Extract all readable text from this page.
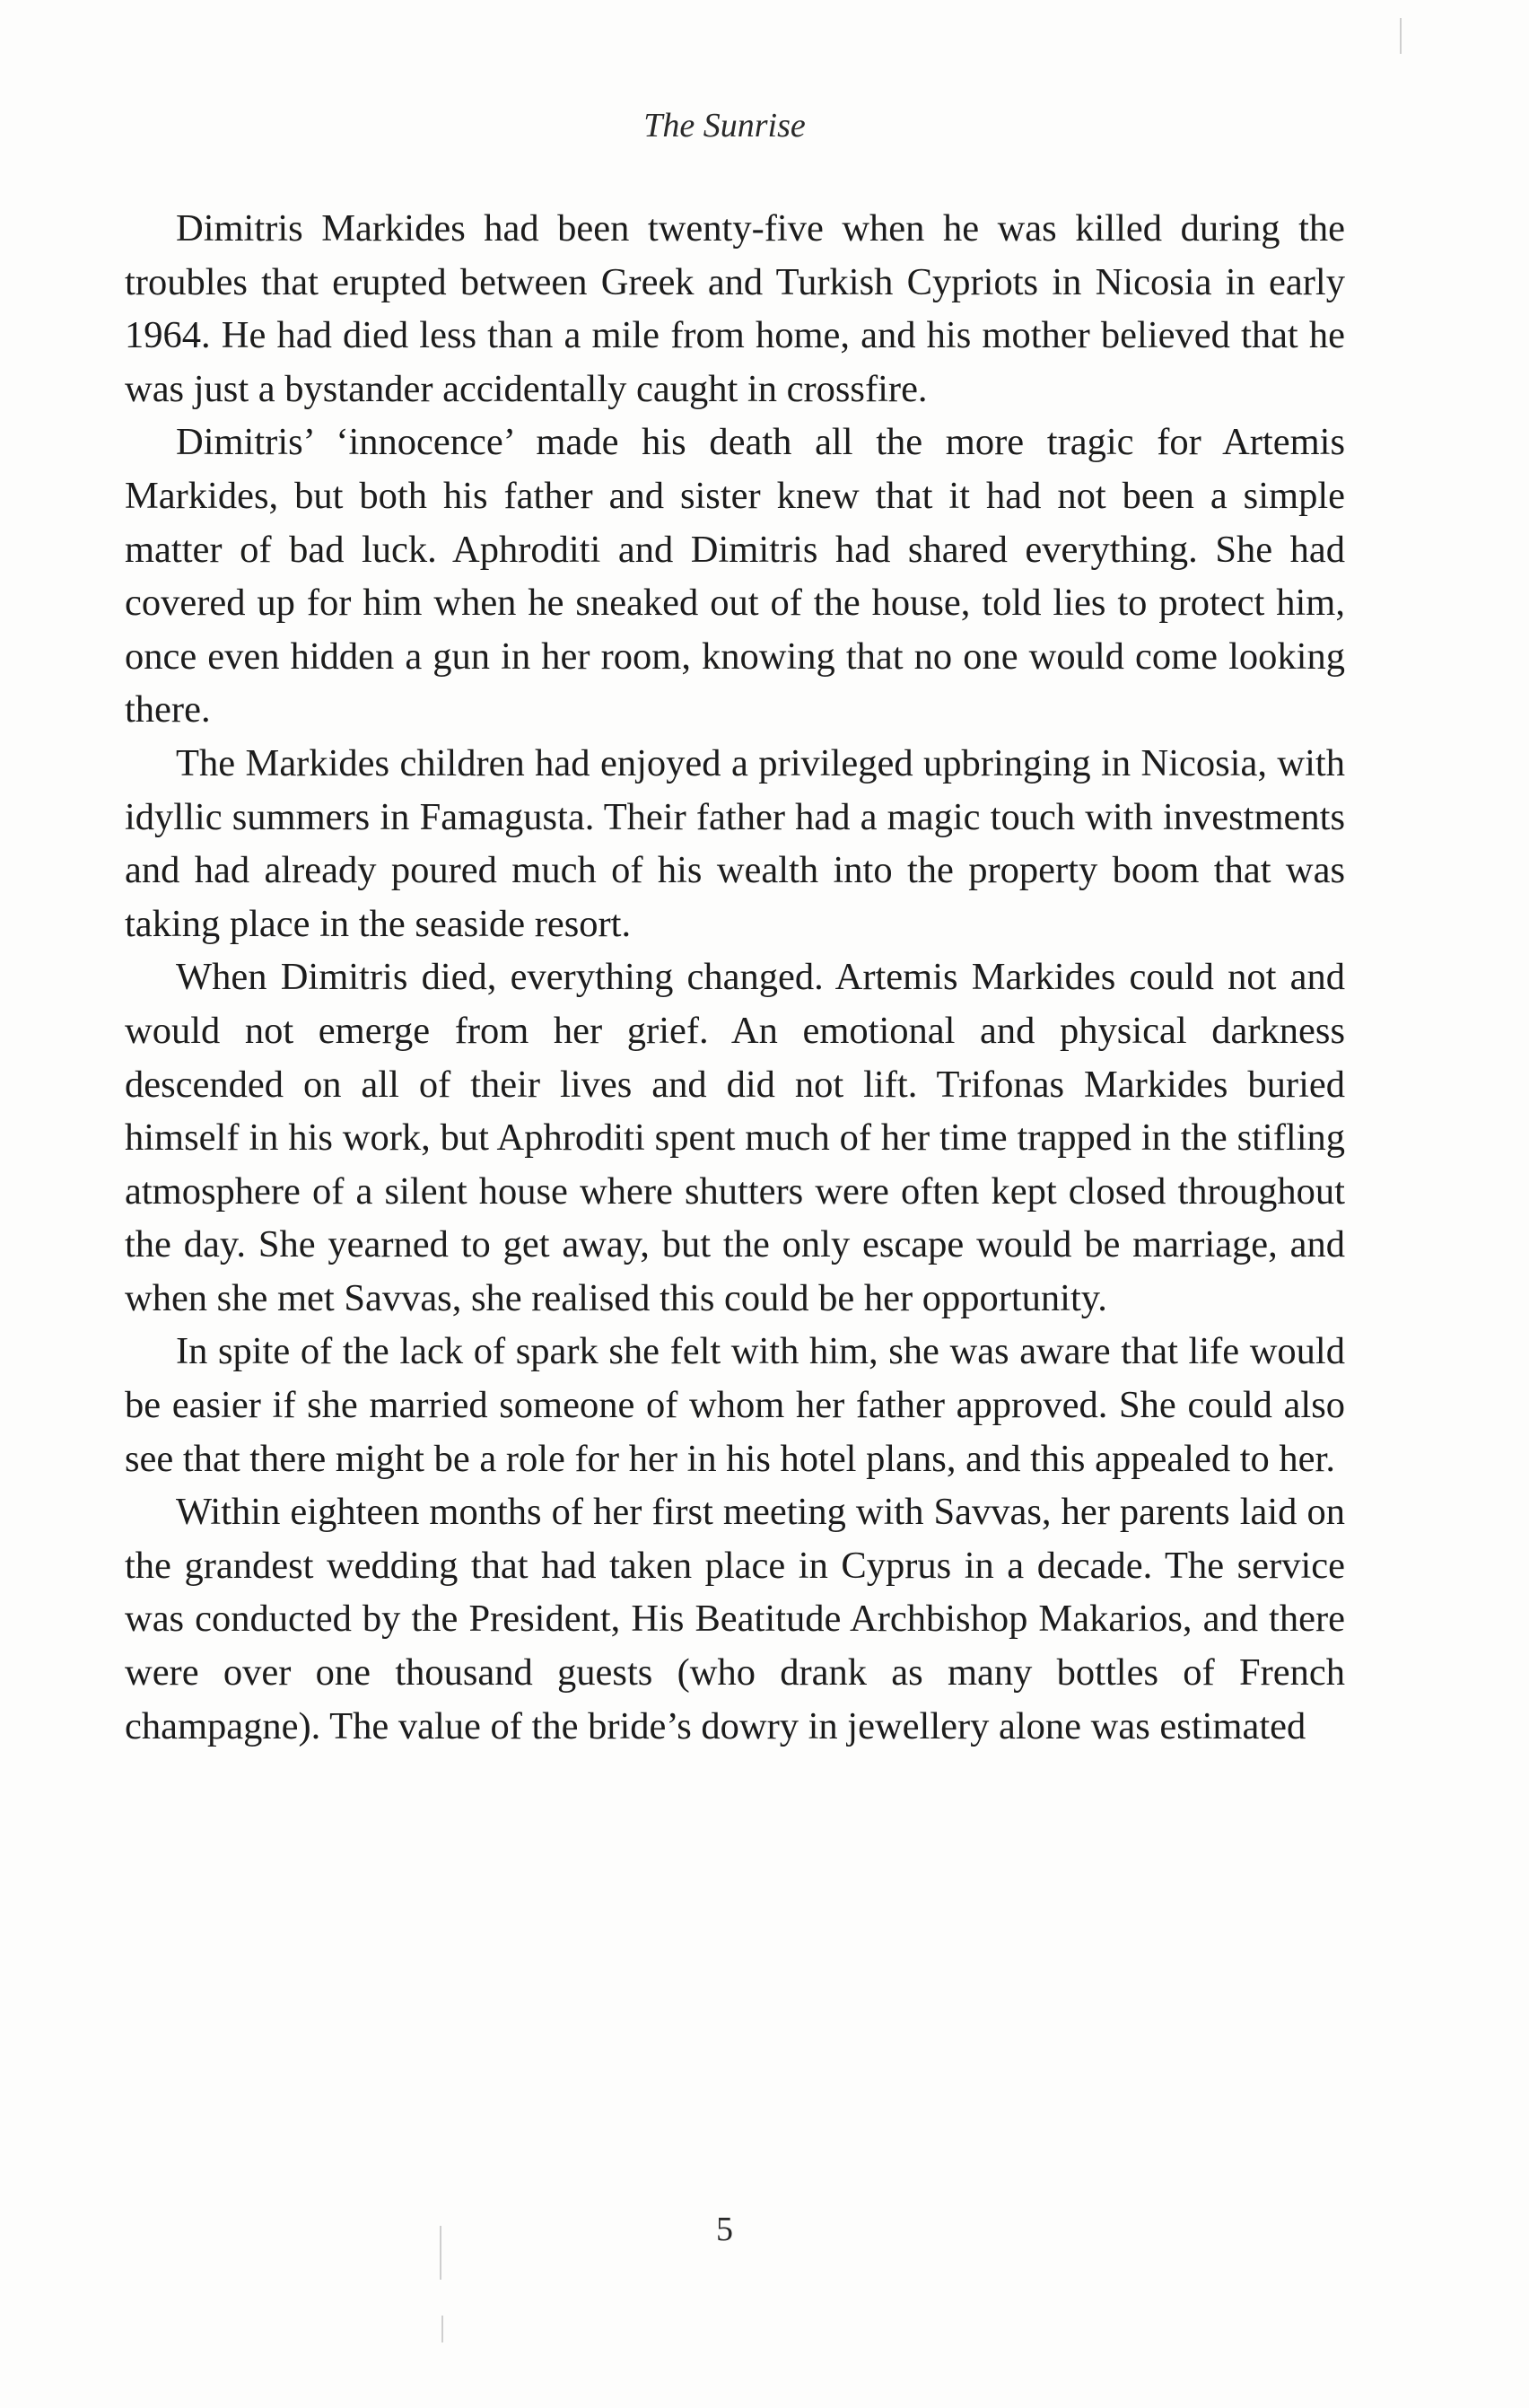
The Sunrise

Dimitris Markides had been twenty-five when he was killed during the troubles that erupted between Greek and Turkish Cypriots in Nicosia in early 1964. He had died less than a mile from home, and his mother believed that he was just a bystander accidentally caught in crossfire.

Dimitris’ ‘innocence’ made his death all the more tragic for Artemis Markides, but both his father and sister knew that it had not been a simple matter of bad luck. Aphroditi and Dimitris had shared everything. She had covered up for him when he sneaked out of the house, told lies to protect him, once even hidden a gun in her room, knowing that no one would come looking there.

The Markides children had enjoyed a privileged upbringing in Nicosia, with idyllic summers in Famagusta. Their father had a magic touch with investments and had already poured much of his wealth into the property boom that was taking place in the seaside resort.

When Dimitris died, everything changed. Artemis Markides could not and would not emerge from her grief. An emotional and physical darkness descended on all of their lives and did not lift. Trifonas Markides buried himself in his work, but Aphroditi spent much of her time trapped in the stifling atmosphere of a silent house where shutters were often kept closed throughout the day. She yearned to get away, but the only escape would be marriage, and when she met Savvas, she realised this could be her opportunity.

In spite of the lack of spark she felt with him, she was aware that life would be easier if she married someone of whom her father approved. She could also see that there might be a role for her in his hotel plans, and this appealed to her.

Within eighteen months of her first meeting with Savvas, her parents laid on the grandest wedding that had taken place in Cyprus in a decade. The service was conducted by the President, His Beatitude Archbishop Makarios, and there were over one thousand guests (who drank as many bottles of French champagne). The value of the bride’s dowry in jewellery alone was estimated

5
